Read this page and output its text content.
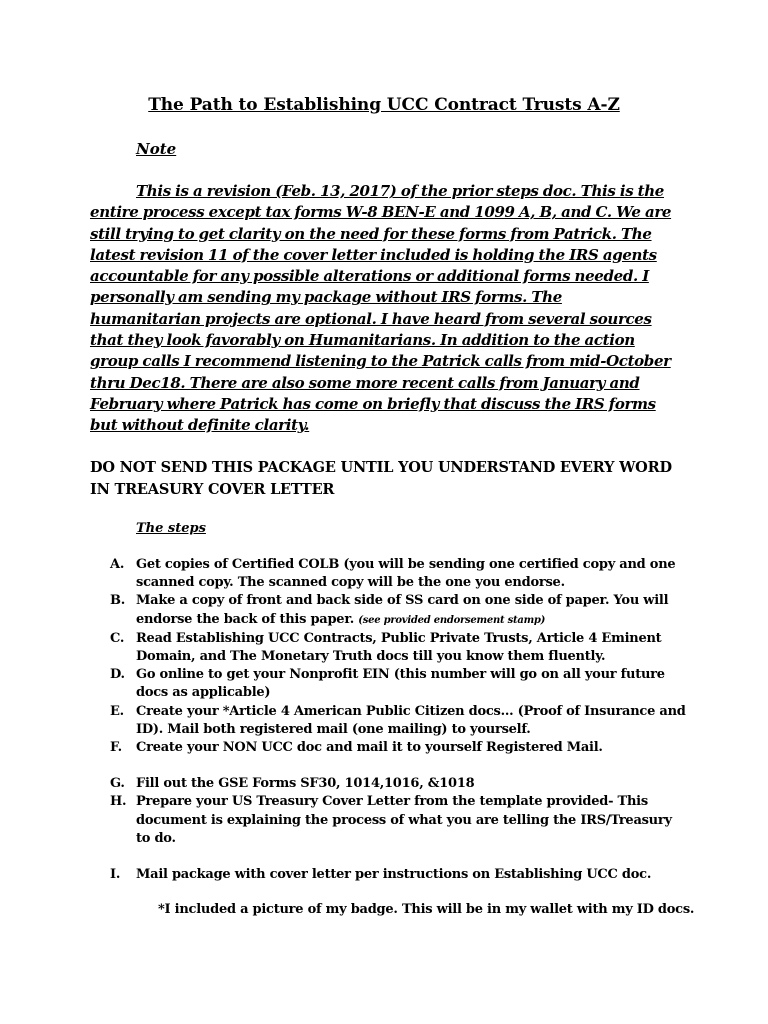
The Path to Establishing UCC Contract Trusts A-Z
Note
This is a revision (Feb. 13, 2017) of the prior steps doc. This is the entire process except tax forms W-8 BEN-E and 1099 A, B, and C. We are still trying to get clarity on the need for these forms from Patrick. The latest revision 11 of the cover letter included is holding the IRS agents accountable for any possible alterations or additional forms needed. I personally am sending my package without IRS forms. The humanitarian projects are optional. I have heard from several sources that they look favorably on Humanitarians. In addition to the action group calls I recommend listening to the Patrick calls from mid-October thru Dec18. There are also some more recent calls from January and February where Patrick has come on briefly that discuss the IRS forms but without definite clarity.
DO NOT SEND THIS PACKAGE UNTIL YOU UNDERSTAND EVERY WORD IN TREASURY COVER LETTER
The steps
A. Get copies of Certified COLB (you will be sending one certified copy and one scanned copy. The scanned copy will be the one you endorse.
B. Make a copy of front and back side of SS card on one side of paper. You will endorse the back of this paper. (see provided endorsement stamp)
C. Read Establishing UCC Contracts, Public Private Trusts, Article 4 Eminent Domain, and The Monetary Truth docs till you know them fluently.
D. Go online to get your Nonprofit EIN (this number will go on all your future docs as applicable)
E. Create your *Article 4 American Public Citizen docs… (Proof of Insurance and ID). Mail both registered mail (one mailing) to yourself.
F. Create your NON UCC doc and mail it to yourself Registered Mail.
G. Fill out the GSE Forms SF30, 1014,1016, &1018
H. Prepare your US Treasury Cover Letter from the template provided- This document is explaining the process of what you are telling the IRS/Treasury to do.
I. Mail package with cover letter per instructions on Establishing UCC doc.
*I included a picture of my badge. This will be in my wallet with my ID docs.
